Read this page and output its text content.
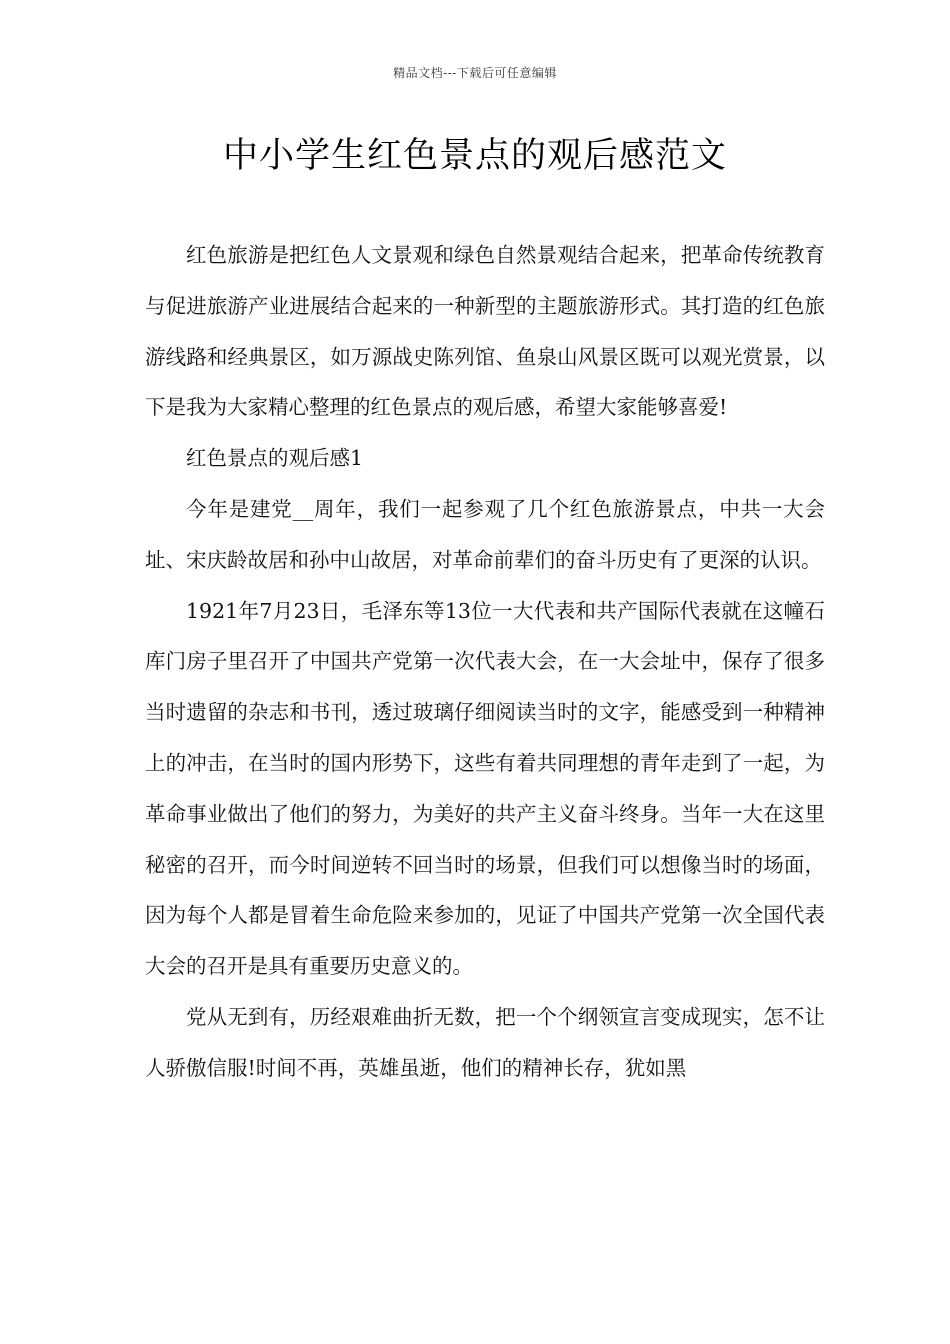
精品文档---下载后可任意编辑
中小学生红色景点的观后感范文

红色旅游是把红色人文景观和绿色自然景观结合起来，把革命传统教育与促进旅游产业进展结合起来的一种新型的主题旅游形式。其打造的红色旅游线路和经典景区，如万源战史陈列馆、鱼泉山风景区既可以观光赏景，以下是我为大家精心整理的红色景点的观后感，希望大家能够喜爱!

红色景点的观后感1

今年是建党__周年，我们一起参观了几个红色旅游景点，中共一大会址、宋庆龄故居和孙中山故居，对革命前辈们的奋斗历史有了更深的认识。

1921年7月23日，毛泽东等13位一大代表和共产国际代表就在这幢石库门房子里召开了中国共产党第一次代表大会，在一大会址中，保存了很多当时遗留的杂志和书刊，透过玻璃仔细阅读当时的文字，能感受到一种精神上的冲击，在当时的国内形势下，这些有着共同理想的青年走到了一起，为革命事业做出了他们的努力，为美好的共产主义奋斗终身。当年一大在这里秘密的召开，而今时间逆转不回当时的场景，但我们可以想像当时的场面，因为每个人都是冒着生命危险来参加的，见证了中国共产党第一次全国代表大会的召开是具有重要历史意义的。

党从无到有，历经艰难曲折无数，把一个个纲领宣言变成现实，怎不让人骄傲信服!时间不再，英雄虽逝，他们的精神长存，犹如黑
